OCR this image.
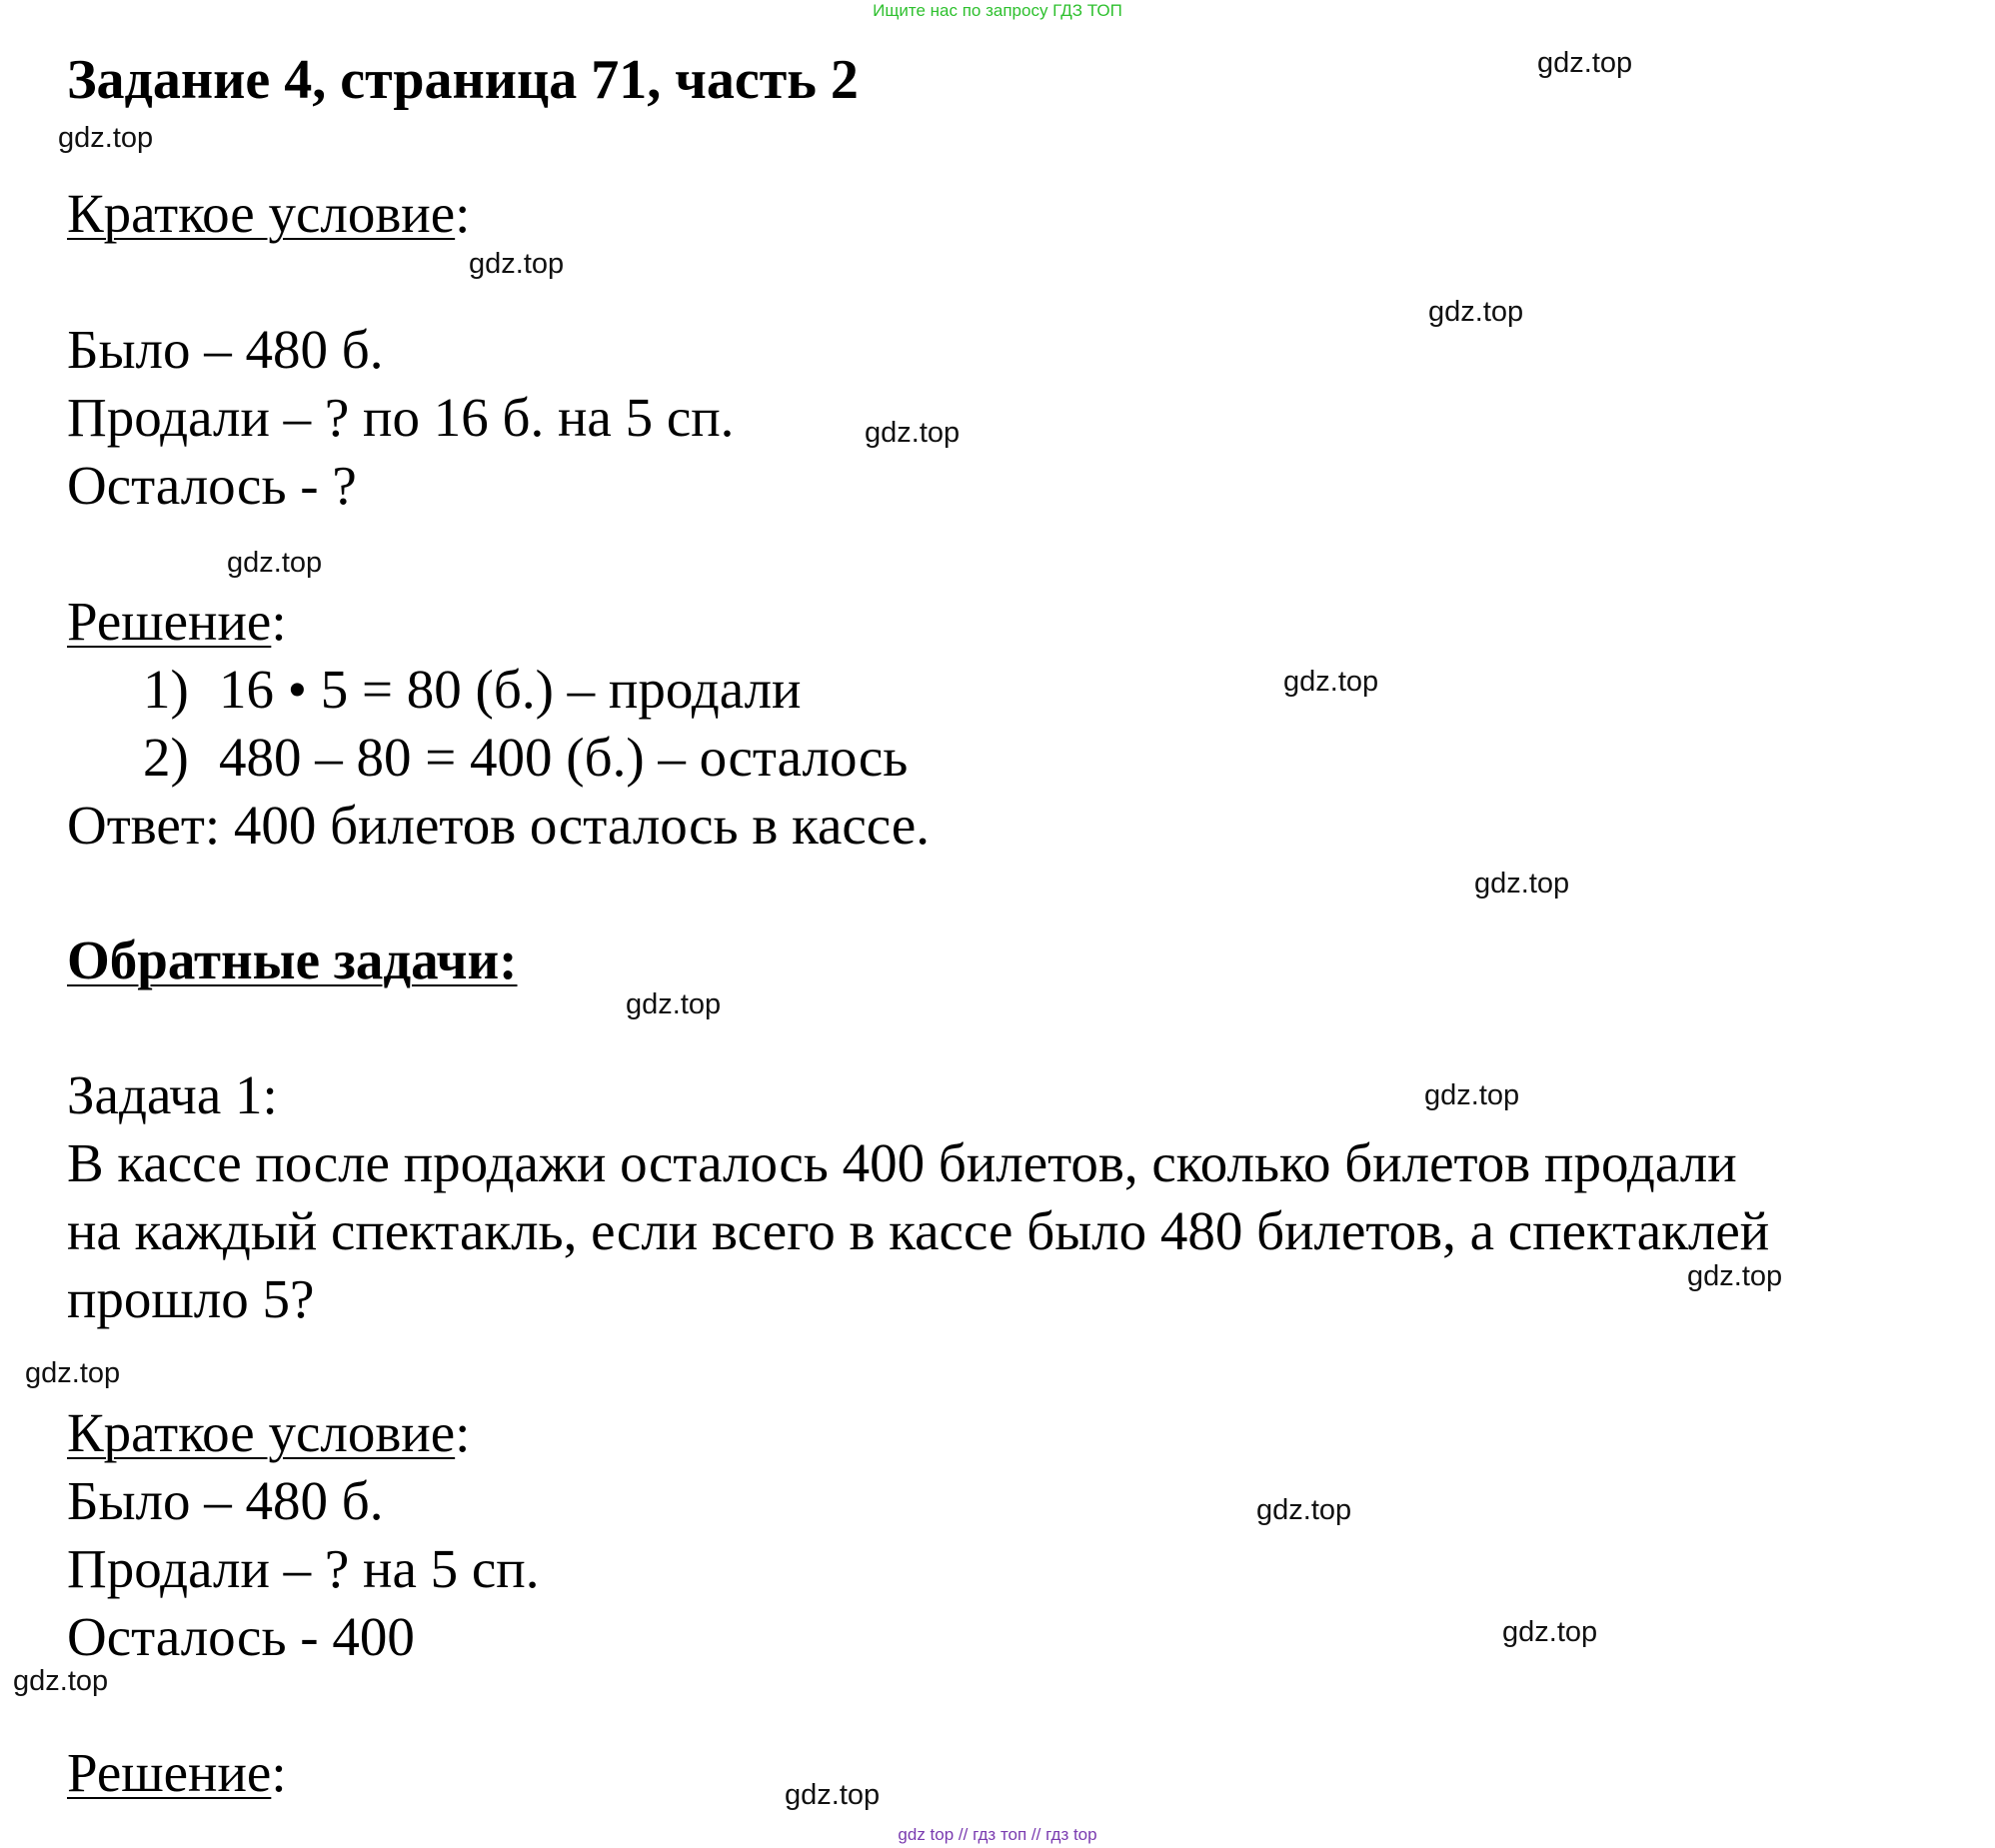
Ищите нас по запросу ГДЗ ТОП
Задание 4, страница 71, часть 2
Краткое условие:
Было – 480 б.
Продали – ? по 16 б. на 5 сп.
Осталось - ?
Решение:
1) 16 • 5 = 80 (б.) – продали
2) 480 – 80 = 400 (б.) – осталось
Ответ: 400 билетов осталось в кассе.
Обратные задачи:
Задача 1:
В кассе после продажи осталось 400 билетов, сколько билетов продали
на каждый спектакль, если всего в кассе было 480 билетов, а спектаклей
прошло 5?
Краткое условие:
Было – 480 б.
Продали – ? на 5 сп.
Осталось - 400
Решение:
gdz.top
gdz.top
gdz.top
gdz.top
gdz.top
gdz.top
gdz.top
gdz.top
gdz.top
gdz.top
gdz.top
gdz.top
gdz.top
gdz.top
gdz.top
gdz.top
gdz top // гдз топ // гдз top
